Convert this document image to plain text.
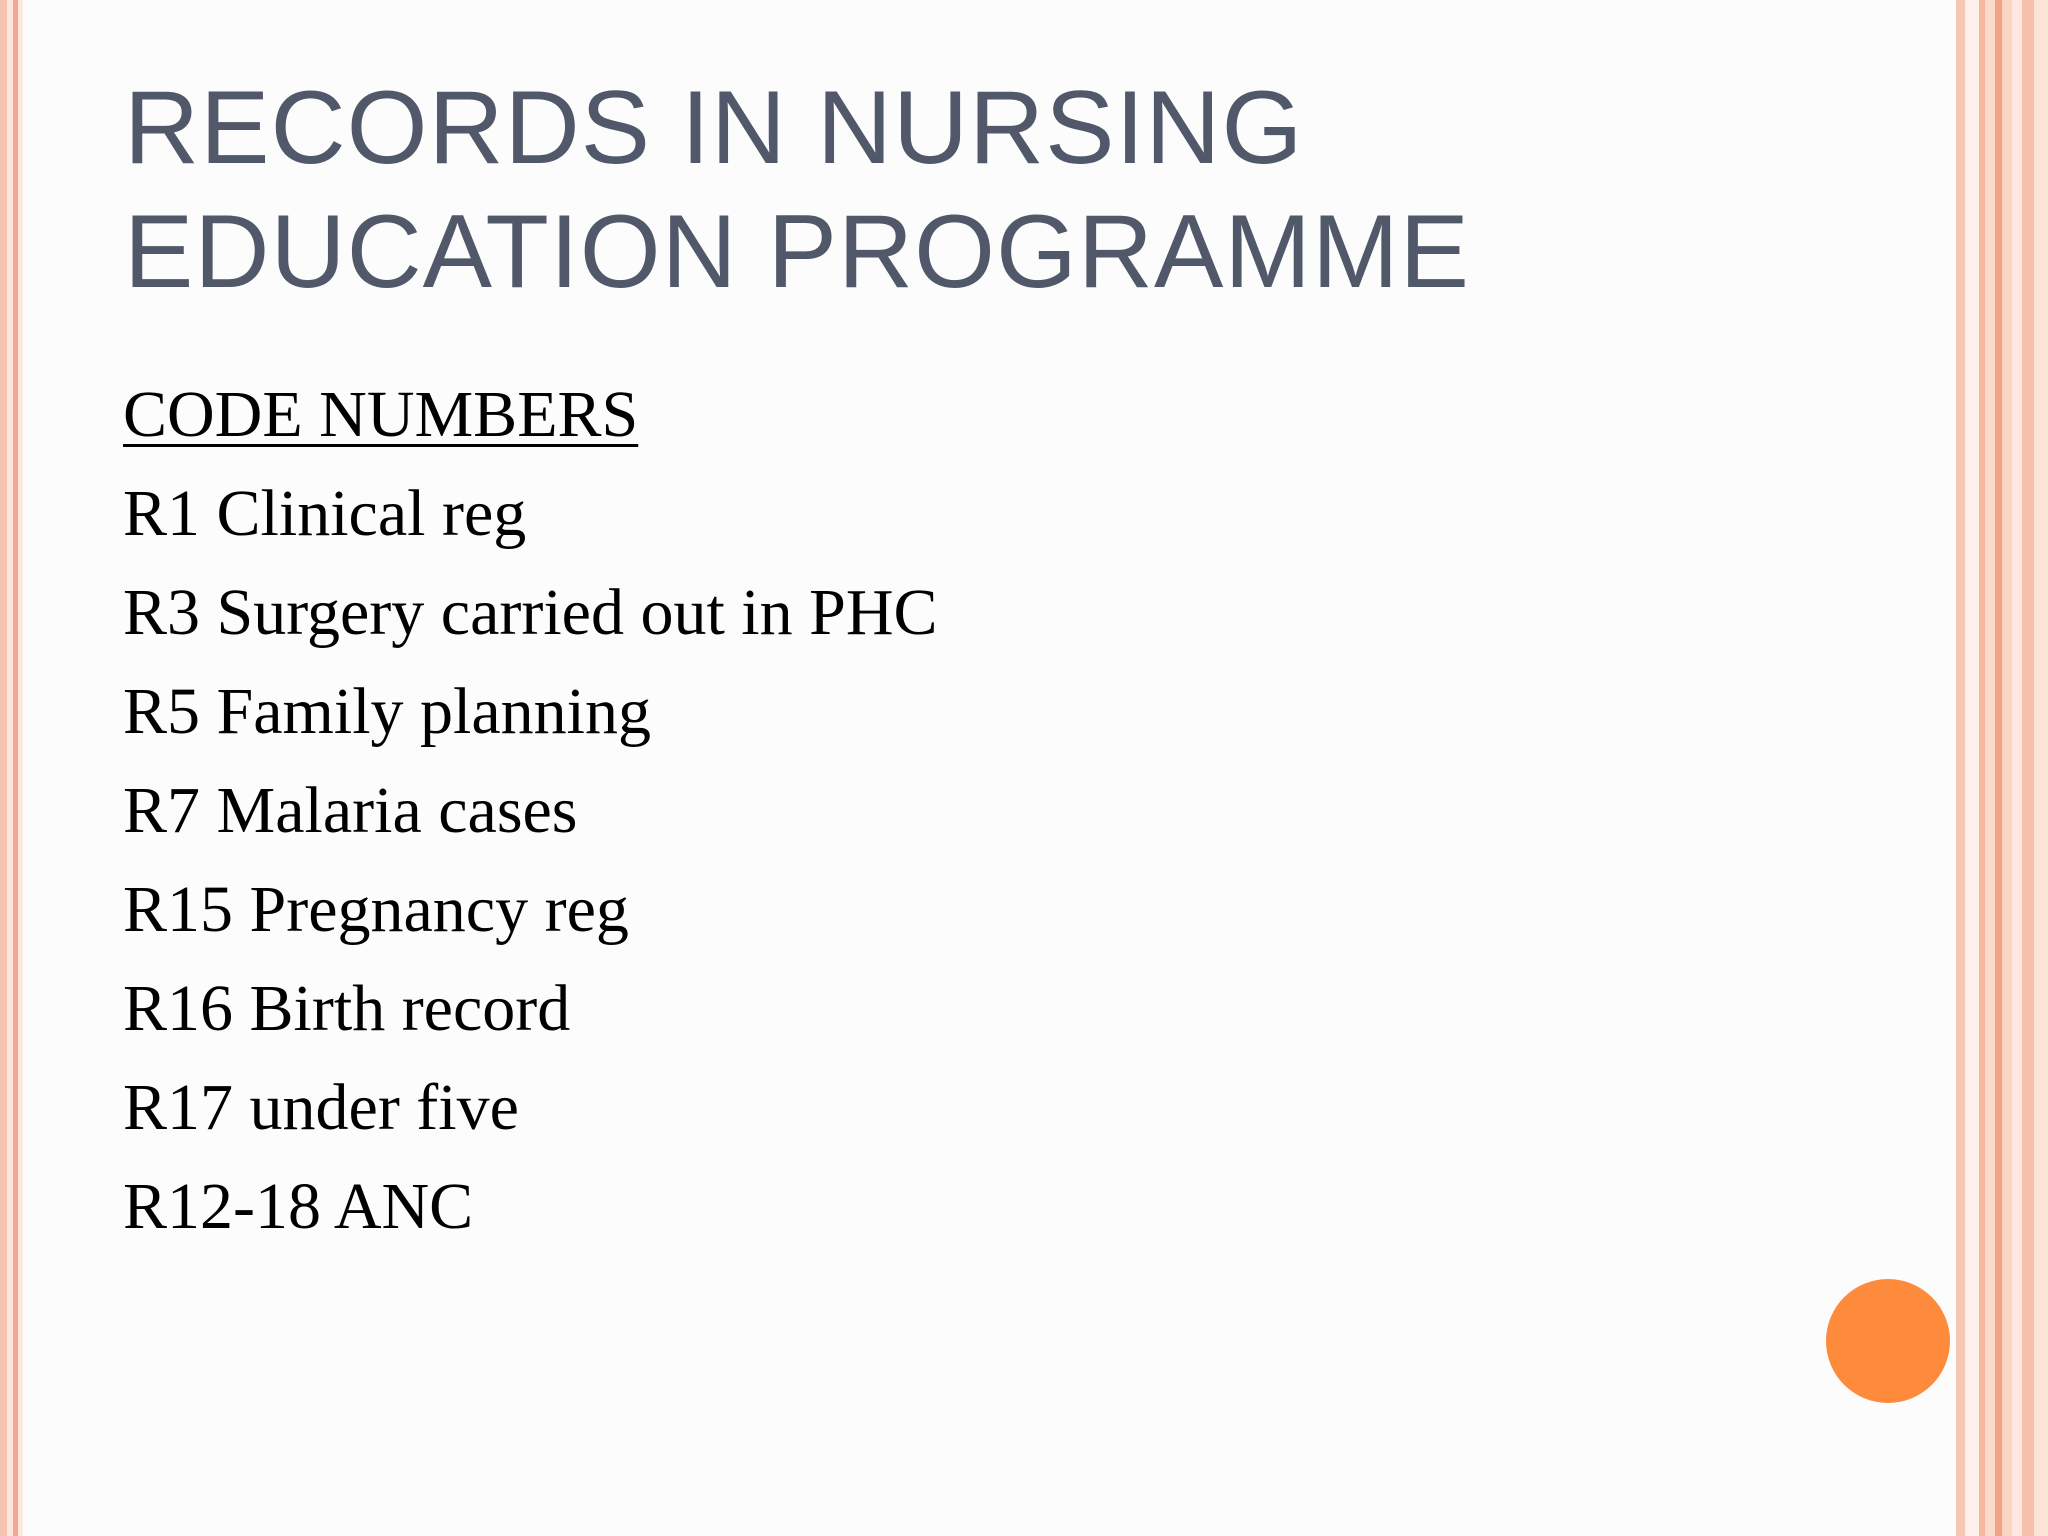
RECORDS IN NURSING
EDUCATION PROGRAMME
CODE NUMBERS
R1 Clinical reg
R3 Surgery carried out in PHC
R5 Family planning
R7 Malaria cases
R15 Pregnancy reg
R16 Birth record
R17 under five
R12-18 ANC
